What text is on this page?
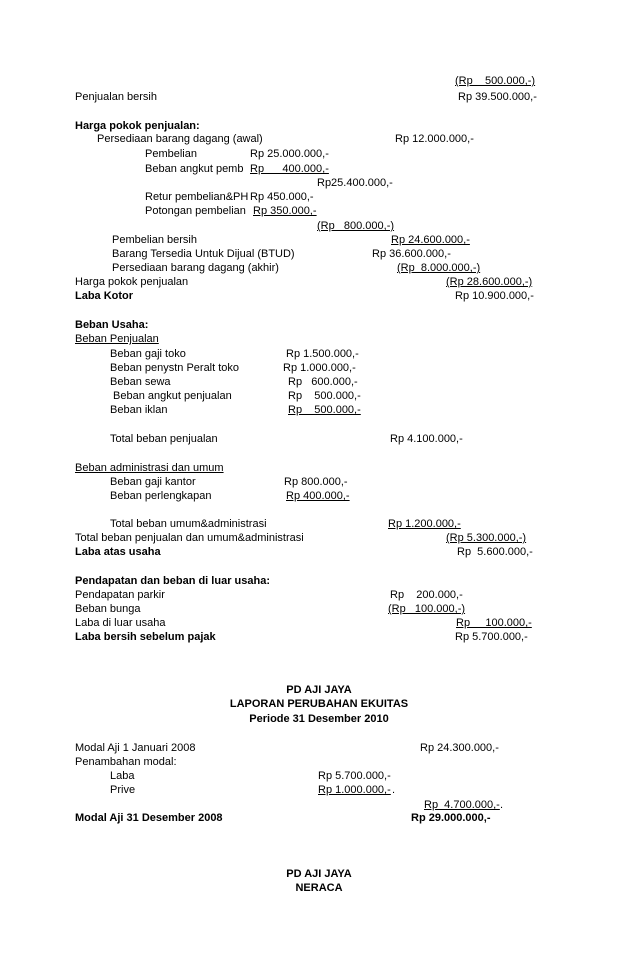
(Rp    500.000,-)
Penjualan bersih	Rp 39.500.000,-
Harga pokok penjualan:
Persediaan barang dagang (awal)	Rp 12.000.000,-
Pembelian	Rp 25.000.000,-
Beban angkut pemb Rp      400.000,-
Rp25.400.000,-
Retur pembelian&PH Rp 450.000,-
Potongan pembelian Rp 350.000,-
(Rp   800.000,-)
Pembelian bersih	Rp 24.600.000,-
Barang Tersedia Untuk Dijual (BTUD)	Rp 36.600.000,-
Persediaan barang dagang (akhir)	(Rp  8.000.000,-)
Harga pokok penjualan	(Rp 28.600.000,-)
Laba Kotor	Rp 10.900.000,-
Beban Usaha:
Beban Penjualan
Beban gaji toko	Rp 1.500.000,-
Beban penystn Peralt toko	Rp 1.000.000,-
Beban sewa	Rp   600.000,-
Beban angkut penjualan	Rp    500.000,-
Beban iklan	Rp    500.000,-
Total beban penjualan	Rp 4.100.000,-
Beban administrasi dan umum
Beban gaji kantor	Rp 800.000,-
Beban perlengkapan	Rp 400.000,-
Total beban umum&administrasi	Rp 1.200.000,-
Total beban penjualan dan umum&administrasi	(Rp 5.300.000,-)
Laba atas usaha	Rp  5.600.000,-
Pendapatan dan beban di luar usaha:
Pendapatan parkir	Rp    200.000,-
Beban bunga	(Rp   100.000,-)
Laba di luar usaha	Rp     100.000,-
Laba bersih sebelum pajak	Rp 5.700.000,-
PD AJI JAYA
LAPORAN PERUBAHAN EKUITAS
Periode 31 Desember 2010
Modal Aji 1 Januari 2008	Rp 24.300.000,-
Penambahan modal:
Laba	Rp 5.700.000,-
Prive	Rp 1.000.000,- .
Rp  4.700.000,- .
Modal Aji 31 Desember 2008	Rp 29.000.000,-
PD AJI JAYA
NERACA
